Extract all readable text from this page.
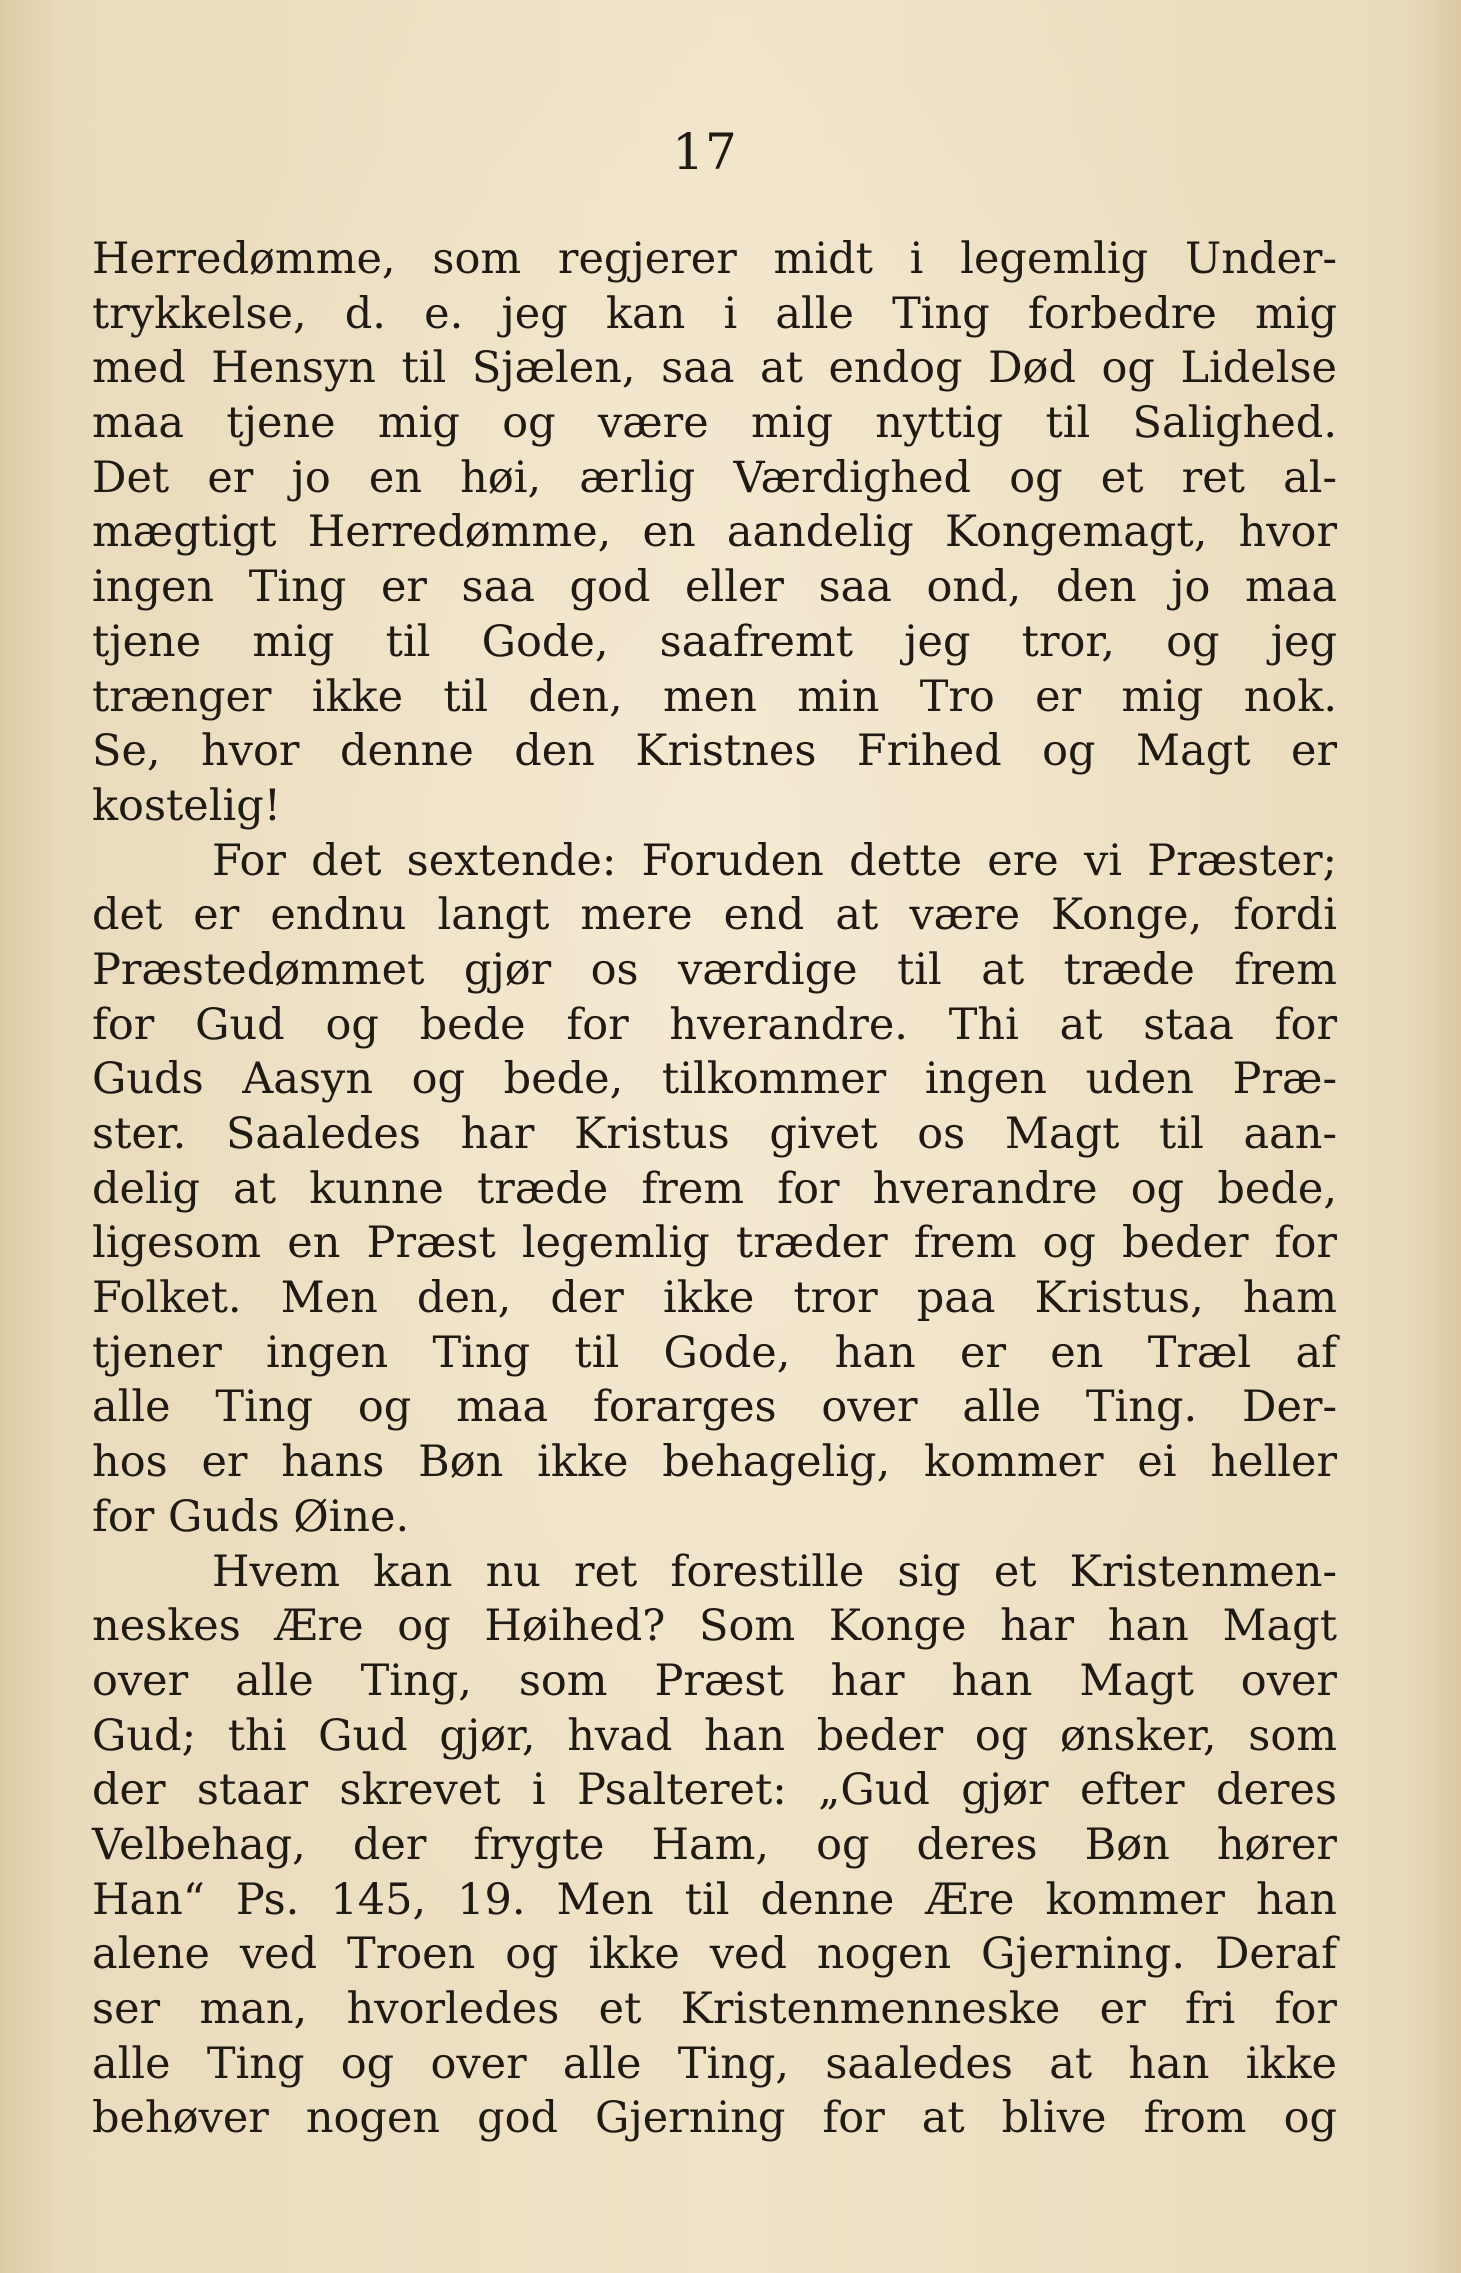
17
Herredømme, som regjerer midt i legemlig Under-
trykkelse, d. e. jeg kan i alle Ting forbedre mig
med Hensyn til Sjælen, saa at endog Død og Lidelse
maa tjene mig og være mig nyttig til Salighed.
Det er jo en høi, ærlig Værdighed og et ret al-
mægtigt Herredømme, en aandelig Kongemagt, hvor
ingen Ting er saa god eller saa ond, den jo maa
tjene mig til Gode, saafremt jeg tror, og jeg
trænger ikke til den, men min Tro er mig nok.
Se, hvor denne den Kristnes Frihed og Magt er
kostelig!
For det sextende: Foruden dette ere vi Præster;
det er endnu langt mere end at være Konge, fordi
Præstedømmet gjør os værdige til at træde frem
for Gud og bede for hverandre. Thi at staa for
Guds Aasyn og bede, tilkommer ingen uden Præ-
ster. Saaledes har Kristus givet os Magt til aan-
delig at kunne træde frem for hverandre og bede,
ligesom en Præst legemlig træder frem og beder for
Folket. Men den, der ikke tror paa Kristus, ham
tjener ingen Ting til Gode, han er en Træl af
alle Ting og maa forarges over alle Ting. Der-
hos er hans Bøn ikke behagelig, kommer ei heller
for Guds Øine.
Hvem kan nu ret forestille sig et Kristenmen-
neskes Ære og Høihed? Som Konge har han Magt
over alle Ting, som Præst har han Magt over
Gud; thi Gud gjør, hvad han beder og ønsker, som
der staar skrevet i Psalteret: „Gud gjør efter deres
Velbehag, der frygte Ham, og deres Bøn hører
Han“ Ps. 145, 19. Men til denne Ære kommer han
alene ved Troen og ikke ved nogen Gjerning. Deraf
ser man, hvorledes et Kristenmenneske er fri for
alle Ting og over alle Ting, saaledes at han ikke
behøver nogen god Gjerning for at blive from og
